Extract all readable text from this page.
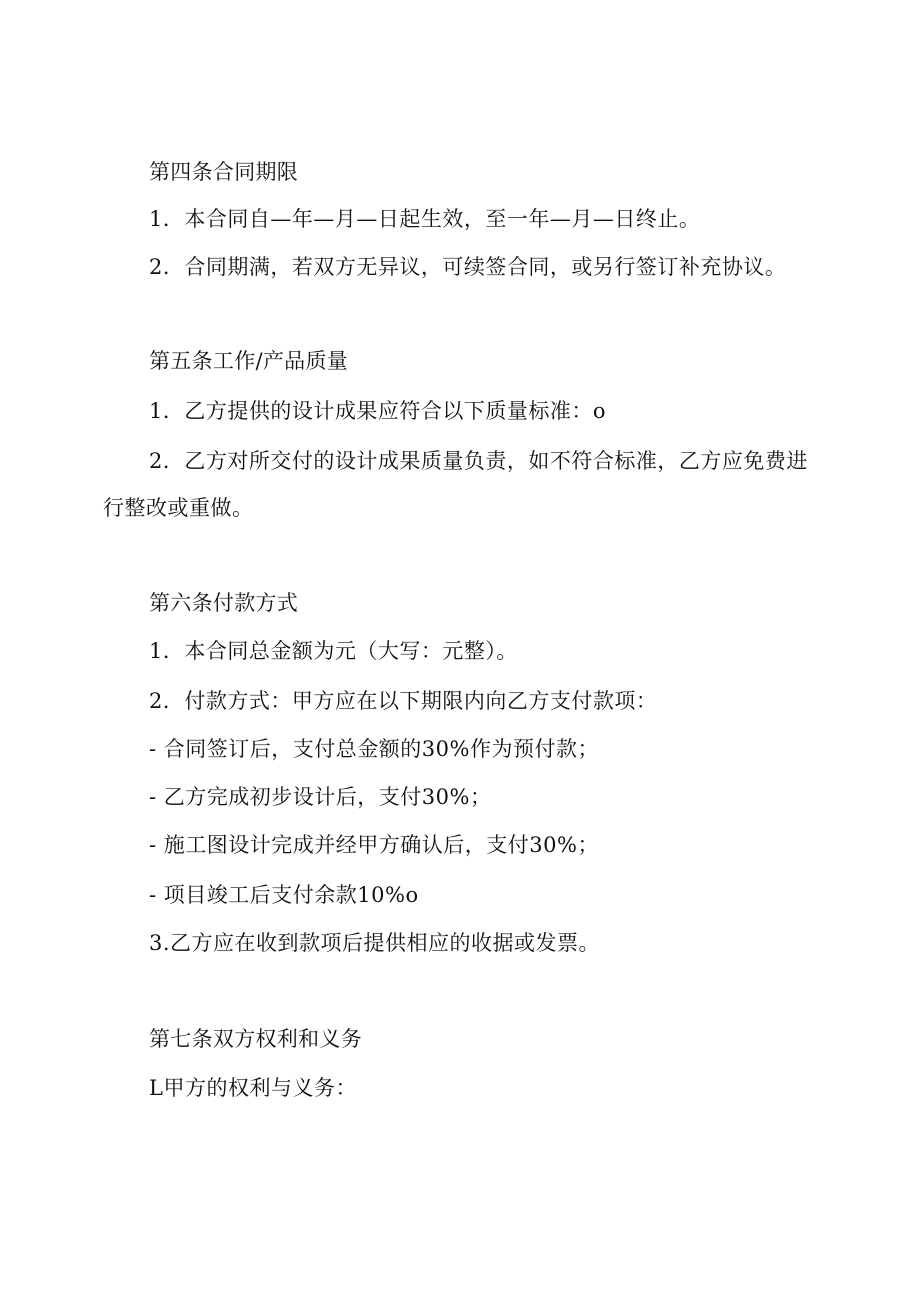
第四条合同期限
1．本合同自—年—月—日起生效，至一年—月—日终止。
2．合同期满，若双方无异议，可续签合同，或另行签订补充协议。
第五条工作/产品质量
1．乙方提供的设计成果应符合以下质量标准：o
2．乙方对所交付的设计成果质量负责，如不符合标准，乙方应免费进
行整改或重做。
第六条付款方式
1．本合同总金额为元（大写：元整）。
2．付款方式：甲方应在以下期限内向乙方支付款项：
- 合同签订后，支付总金额的30%作为预付款；
- 乙方完成初步设计后，支付30%；
- 施工图设计完成并经甲方确认后，支付30%；
- 项目竣工后支付余款10%o
3.乙方应在收到款项后提供相应的收据或发票。
第七条双方权利和义务
L甲方的权利与义务：
